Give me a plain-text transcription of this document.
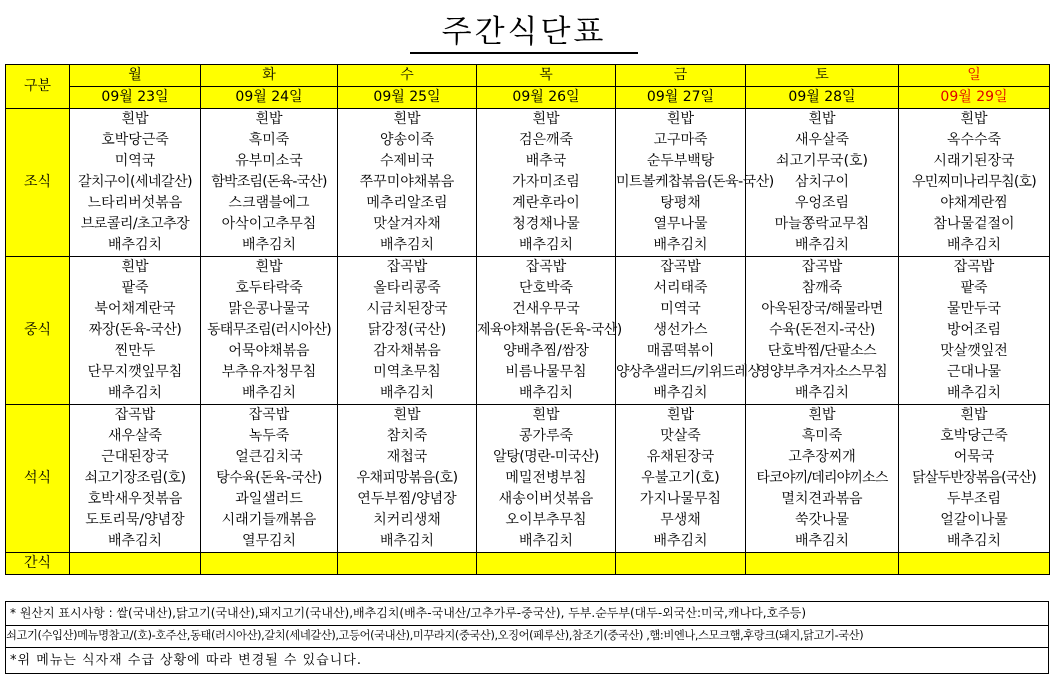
주간식단표
구분	월	화	수	목	금	토	일
	09월 23일	09월 24일	09월 25일	09월 26일	09월 27일	09월 28일	09월 29일
조식	흰밥	흰밥	흰밥	흰밥	흰밥	흰밥	흰밥
	호박당근죽	흑미죽	양송이죽	검은깨죽	고구마죽	새우살죽	옥수수죽
	미역국	유부미소국	수제비국	배추국	순두부백탕	쇠고기무국(호)	시래기된장국
	갈치구이(세네갈산)	함박조림(돈육-국산)	쭈꾸미야채볶음	가자미조림	미트볼케찹볶음(돈육-국산)	삼치구이	우민찌미나리무침(호)
	느타리버섯볶음	스크램블에그	메추리알조림	계란후라이	탕평채	우엉조림	야채계란찜
	브로콜리/초고추장	아삭이고추무침	맛살겨자채	청경채나물	열무나물	마늘쫑락교무침	참나물겉절이
	배추김치	배추김치	배추김치	배추김치	배추김치	배추김치	배추김치
중식	흰밥	흰밥	잡곡밥	잡곡밥	잡곡밥	잡곡밥	잡곡밥
	팥죽	호두타락죽	올타리콩죽	단호박죽	서리태죽	참깨죽	팥죽
	북어채계란국	맑은콩나물국	시금치된장국	건새우무국	미역국	아욱된장국/해물라면	물만두국
	짜장(돈육-국산)	동태무조림(러시아산)	닭강정(국산)	제육야채볶음(돈육-국산)	생선가스	수육(돈전지-국산)	방어조림
	찐만두	어묵야채볶음	감자채볶음	양배추찜/쌈장	매콤떡볶이	단호박찜/단팥소스	맛살깻잎전
	단무지깻잎무침	부추유자청무침	미역초무침	비름나물무침	양상추샐러드/키위드레싱	영양부추겨자소스무침	근대나물
	배추김치	배추김치	배추김치	배추김치	배추김치	배추김치	배추김치
석식	잡곡밥	잡곡밥	흰밥	흰밥	흰밥	흰밥	흰밥
	새우살죽	녹두죽	참치죽	콩가루죽	맛살죽	흑미죽	호박당근죽
	근대된장국	얼큰김치국	재첩국	알탕(명란-미국산)	유채된장국	고추장찌개	어묵국
	쇠고기장조림(호)	탕수육(돈육-국산)	우채피망볶음(호)	메밀전병부침	우불고기(호)	타코야끼/데리야끼소스	닭살두반장볶음(국산)
	호박새우젓볶음	과일샐러드	연두부찜/양념장	새송이버섯볶음	가지나물무침	멸치견과볶음	두부조림
	도토리묵/양념장	시래기들깨볶음	치커리생채	오이부추무침	무생채	쑥갓나물	얼갈이나물
	배추김치	열무김치	배추김치	배추김치	배추김치	배추김치	배추김치
간식							
* 원산지 표시사항 : 쌀(국내산),닭고기(국내산),돼지고기(국내산),배추김치(배추-국내산/고추가루-중국산), 두부.순두부(대두-외국산:미국,캐나다,호주등)
쇠고기(수입산)메뉴명참고/(호)-호주산,동태(러시아산),갈치(세네갈산),고등어(국내산),미꾸라지(중국산),오징어(페루산),참조기(중국산) ,햄:비엔나,스모크햄,후랑크(돼지,닭고기-국산)
*위 메뉴는 식자재 수급 상황에 따라 변경될 수 있습니다.
